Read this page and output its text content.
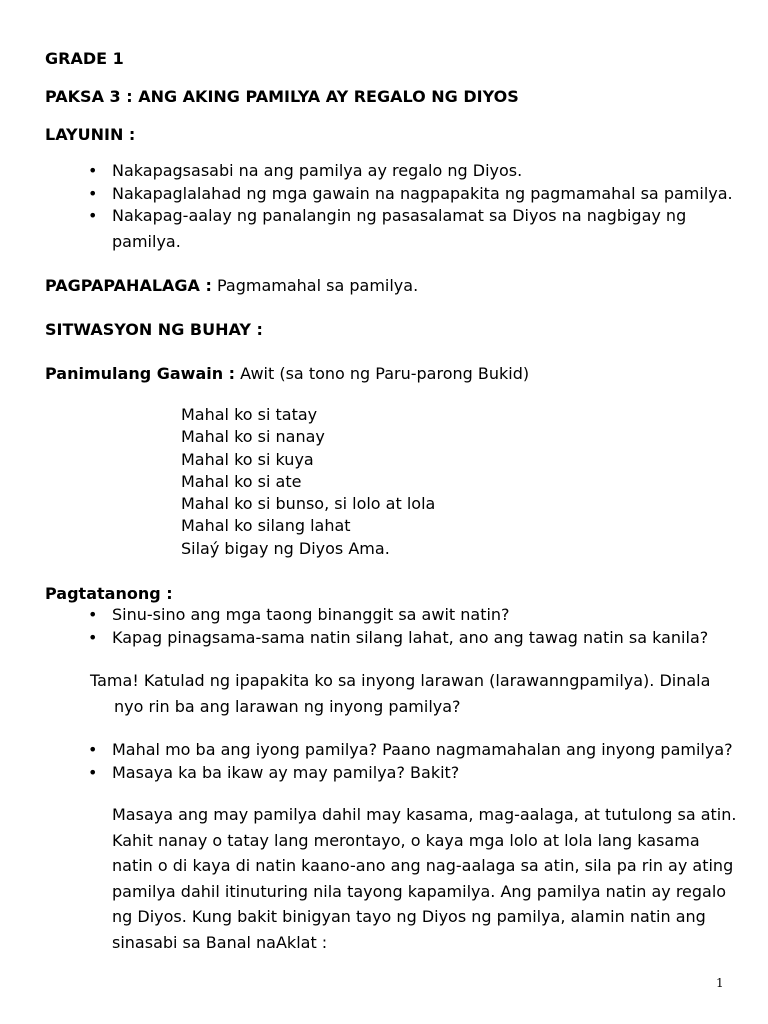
GRADE 1
PAKSA 3 : ANG AKING PAMILYA AY REGALO NG DIYOS
LAYUNIN :
• Nakapagsasabi na ang pamilya ay regalo ng Diyos.
• Nakapaglalahad ng mga gawain na nagpapakita ng pagmamahal sa pamilya.
• Nakapag-aalay ng panalangin ng pasasalamat sa Diyos na nagbigay ng
pamilya.
PAGPAPAHALAGA : Pagmamahal sa pamilya.
SITWASYON NG BUHAY :
Panimulang Gawain : Awit (sa tono ng Paru-parong Bukid)
Mahal ko si tatay
Mahal ko si nanay
Mahal ko si kuya
Mahal ko si ate
Mahal ko si bunso, si lolo at lola
Mahal ko silang lahat
Silaý bigay ng Diyos Ama.
Pagtatanong :
• Sinu-sino ang mga taong binanggit sa awit natin?
• Kapag pinagsama-sama natin silang lahat, ano ang tawag natin sa kanila?
Tama! Katulad ng ipapakita ko sa inyong larawan (larawanngpamilya). Dinala
nyo rin ba ang larawan ng inyong pamilya?
• Mahal mo ba ang iyong pamilya? Paano nagmamahalan ang inyong pamilya?
• Masaya ka ba ikaw ay may pamilya? Bakit?
Masaya ang may pamilya dahil may kasama, mag-aalaga, at tutulong sa atin.
Kahit nanay o tatay lang merontayo, o kaya mga lolo at lola lang kasama
natin o di kaya di natin kaano-ano ang nag-aalaga sa atin, sila pa rin ay ating
pamilya dahil itinuturing nila tayong kapamilya. Ang pamilya natin ay regalo
ng Diyos. Kung bakit binigyan tayo ng Diyos ng pamilya, alamin natin ang
sinasabi sa Banal naAklat :
1
